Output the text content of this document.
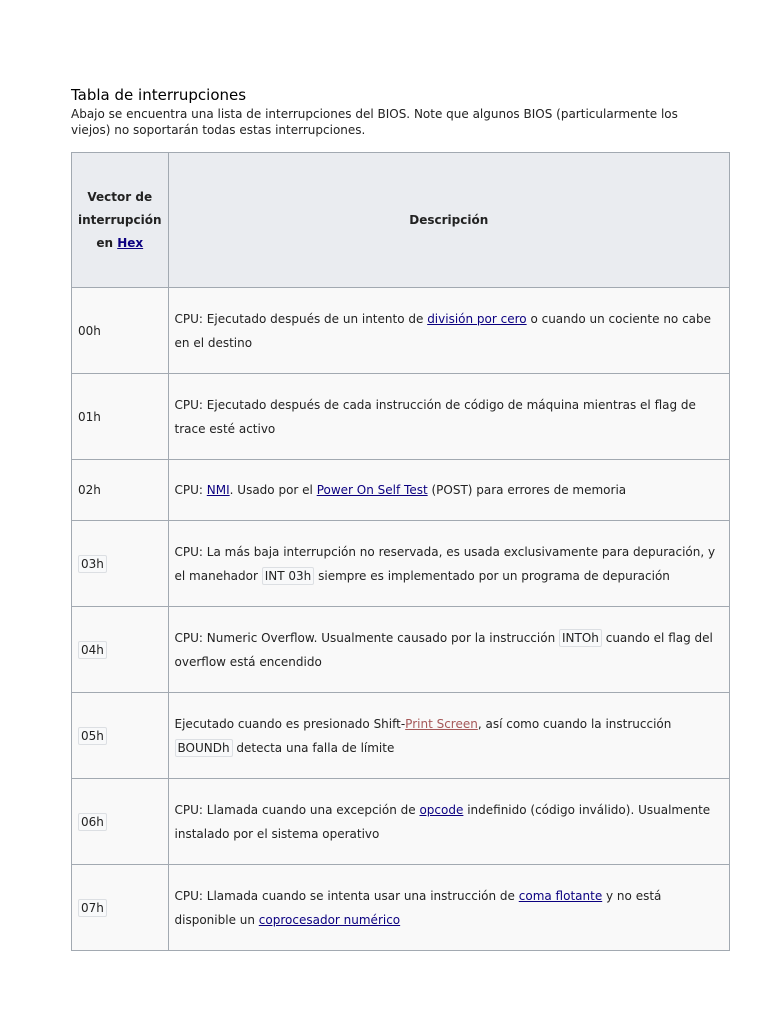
Tabla de interrupciones

Abajo se encuentra una lista de interrupciones del BIOS. Note que algunos BIOS (particularmente los viejos) no soportarán todas estas interrupciones.

Vector de interrupción en Hex	Descripción
00h	CPU: Ejecutado después de un intento de división por cero o cuando un cociente no cabe en el destino
01h	CPU: Ejecutado después de cada instrucción de código de máquina mientras el flag de trace esté activo
02h	CPU: NMI. Usado por el Power On Self Test (POST) para errores de memoria
03h	CPU: La más baja interrupción no reservada, es usada exclusivamente para depuración, y el manehador INT 03h siempre es implementado por un programa de depuración
04h	CPU: Numeric Overflow. Usualmente causado por la instrucción INTOh cuando el flag del overflow está encendido
05h	Ejecutado cuando es presionado Shift-Print Screen, así como cuando la instrucción BOUNDh detecta una falla de límite
06h	CPU: Llamada cuando una excepción de opcode indefinido (código inválido). Usualmente instalado por el sistema operativo
07h	CPU: Llamada cuando se intenta usar una instrucción de coma flotante y no está disponible un coprocesador numérico
